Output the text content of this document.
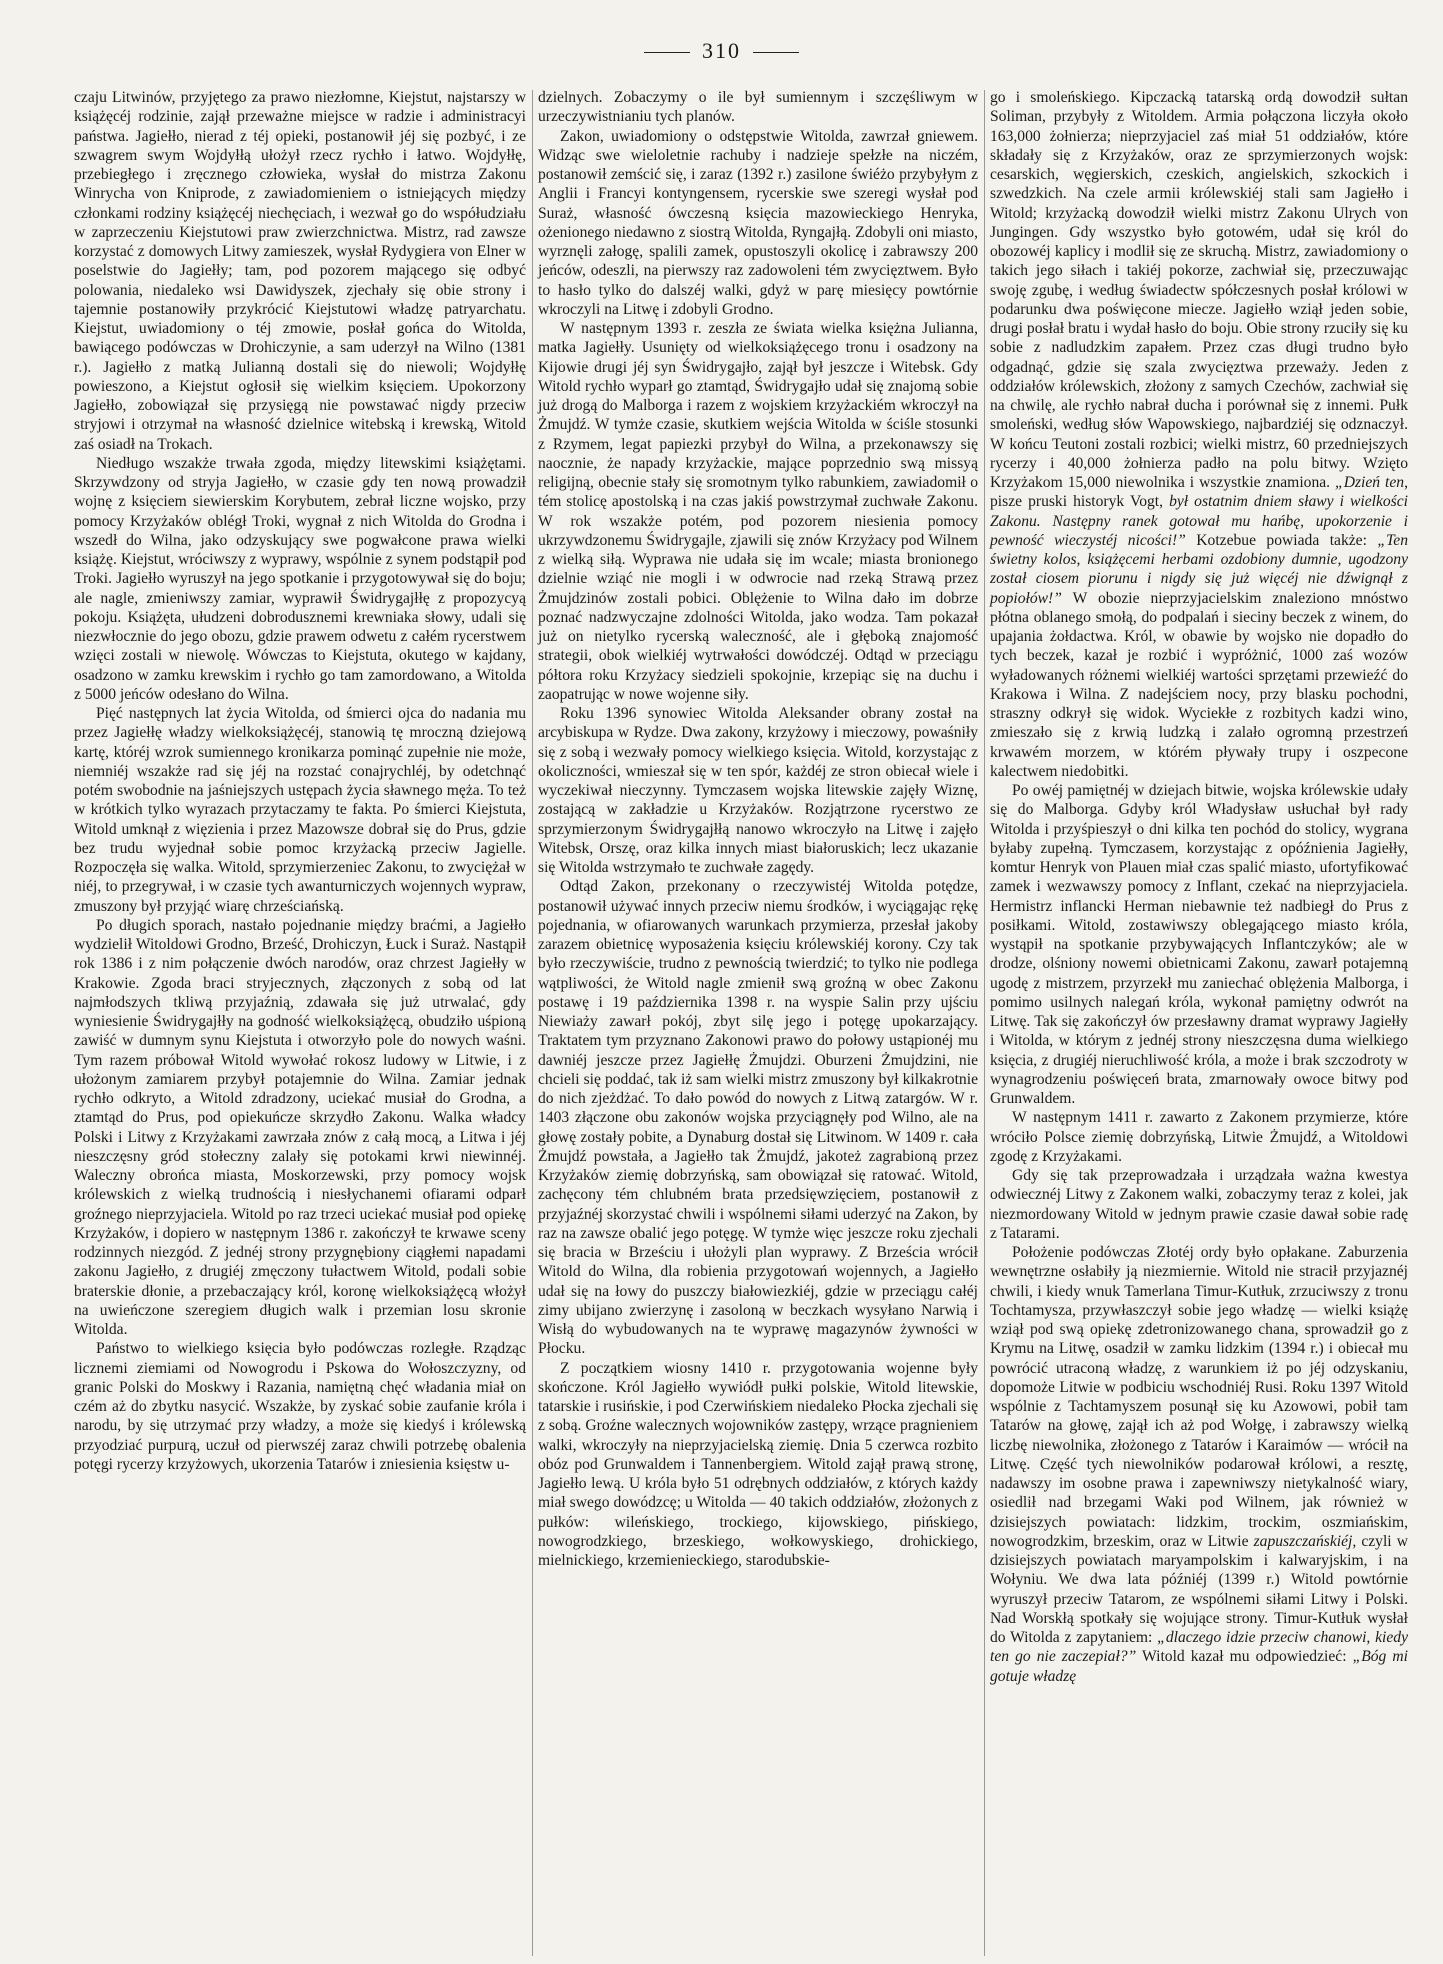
310

czaju Litwinów, przyjętego za prawo niezłomne, Kiejstut, najstarszy w książęcéj rodzinie, zajął przeważne miejsce w radzie i administracyi państwa. Jagiełło, nierad z téj opieki, postanowił jéj się pozbyć, i ze szwagrem swym Wojdyłłą ułożył rzecz rychło i łatwo. Wojdyłłę, przebiegłego i zręcznego człowieka, wysłał do mistrza Zakonu Winrycha von Kniprode, z zawiadomieniem o istniejących między członkami rodziny książęcéj niechęciach, i wezwał go do współudziału w zaprzeczeniu Kiejstutowi praw zwierzchnictwa. Mistrz, rad zawsze korzystać z domowych Litwy zamieszek, wysłał Rydygiera von Elner w poselstwie do Jagiełły; tam, pod pozorem mającego się odbyć polowania, niedaleko wsi Dawidyszek, zjechały się obie strony i tajemnie postanowiły przykrócić Kiejstutowi władzę patryarchatu. Kiejstut, uwiadomiony o téj zmowie, posłał gońca do Witolda, bawiącego podówczas w Drohiczynie, a sam uderzył na Wilno (1381 r.). Jagiełło z matką Julianną dostali się do niewoli; Wojdyłłę powieszono, a Kiejstut ogłosił się wielkim księciem. Upokorzony Jagiełło, zobowiązał się przysięgą nie powstawać nigdy przeciw stryjowi i otrzymał na własność dzielnice witebską i krewską, Witold zaś osiadł na Trokach.

Niedługo wszakże trwała zgoda, między litewskimi książętami. Skrzywdzony od stryja Jagiełło, w czasie gdy ten nową prowadził wojnę z księciem siewierskim Korybutem, zebrał liczne wojsko, przy pomocy Krzyżaków oblégł Troki, wygnał z nich Witolda do Grodna i wszedł do Wilna, jako odzyskujący swe pogwałcone prawa wielki książę. Kiejstut, wróciwszy z wyprawy, wspólnie z synem podstąpił pod Troki. Jagiełło wyruszył na jego spotkanie i przygotowywał się do boju; ale nagle, zmieniwszy zamiar, wyprawił Świdrygajłłę z propozycyą pokoju. Książęta, ułudzeni dobrodusznemi krewniaka słowy, udali się niezwłocznie do jego obozu, gdzie prawem odwetu z całém rycerstwem wzięci zostali w niewolę. Wówczas to Kiejstuta, okutego w kajdany, osadzono w zamku krewskim i rychło go tam zamordowano, a Witolda z 5000 jeńców odesłano do Wilna.

Pięć następnych lat życia Witolda, od śmierci ojca do nadania mu przez Jagiełłę władzy wielkoksiążęcéj, stanowią tę mroczną dziejową kartę, któréj wzrok sumiennego kronikarza pominąć zupełnie nie może, niemniéj wszakże rad się jéj na rozstać conajrychléj, by odetchnąć potém swobodnie na jaśniejszych ustępach życia sławnego męża. To też w krótkich tylko wyrazach przytaczamy te fakta. Po śmierci Kiejstuta, Witold umknął z więzienia i przez Mazowsze dobrał się do Prus, gdzie bez trudu wyjednał sobie pomoc krzyżacką przeciw Jagielle. Rozpoczęła się walka. Witold, sprzymierzeniec Zakonu, to zwyciężał w niéj, to przegrywał, i w czasie tych awanturniczych wojennych wypraw, zmuszony był przyjąć wiarę chrześciańską.

Po długich sporach, nastało pojednanie między braćmi, a Jagiełło wydzielił Witoldowi Grodno, Brześć, Drohiczyn, Łuck i Suraż. Nastąpił rok 1386 i z nim połączenie dwóch narodów, oraz chrzest Jagiełły w Krakowie. Zgoda braci stryjecznych, złączonych z sobą od lat najmłodszych tkliwą przyjaźnią, zdawała się już utrwalać, gdy wyniesienie Świdrygajłły na godność wielkoksiążęcą, obudziło uśpioną zawiść w dumnym synu Kiejstuta i otworzyło pole do nowych waśni. Tym razem próbował Witold wywołać rokosz ludowy w Litwie, i z ułożonym zamiarem przybył potajemnie do Wilna. Zamiar jednak rychło odkryto, a Witold zdradzony, uciekać musiał do Grodna, a ztamtąd do Prus, pod opiekuńcze skrzydło Zakonu. Walka władcy Polski i Litwy z Krzyżakami zawrzała znów z całą mocą, a Litwa i jéj nieszczęsny gród stołeczny zalały się potokami krwi niewinnéj. Waleczny obrońca miasta, Moskorzewski, przy pomocy wojsk królewskich z wielką trudnością i niesłychanemi ofiarami odparł groźnego nieprzyjaciela. Witold po raz trzeci uciekać musiał pod opiekę Krzyżaków, i dopiero w następnym 1386 r. zakończył te krwawe sceny rodzinnych niezgód. Z jednéj strony przygnębiony ciągłemi napadami zakonu Jagiełło, z drugiéj zmęczony tułactwem Witold, podali sobie braterskie dłonie, a przebaczający król, koronę wielkoksiążęcą włożył na uwieńczone szeregiem długich walk i przemian losu skronie Witolda.

Państwo to wielkiego księcia było podówczas rozległe. Rządząc licznemi ziemiami od Nowogrodu i Pskowa do Wołoszczyzny, od granic Polski do Moskwy i Razania, namiętną chęć władania miał on czém aż do zbytku nasycić. Wszakże, by zyskać sobie zaufanie króla i narodu, by się utrzymać przy władzy, a może się kiedyś i królewską przyodziać purpurą, uczuł od pierwszéj zaraz chwili potrzebę obalenia potęgi rycerzy krzyżowych, ukorzenia Tatarów i zniesienia księstw u-

dzielnych. Zobaczymy o ile był sumiennym i szczęśliwym w urzeczywistnianiu tych planów.

Zakon, uwiadomiony o odstępstwie Witolda, zawrzał gniewem. Widząc swe wieloletnie rachuby i nadzieje spełzłe na niczém, postanowił zemścić się, i zaraz (1392 r.) zasilone świéżo przybyłym z Anglii i Francyi kontyngensem, rycerskie swe szeregi wysłał pod Suraż, własność ówczesną księcia mazowieckiego Henryka, ożenionego niedawno z siostrą Witolda, Ryngajłą. Zdobyli oni miasto, wyrznęli załogę, spalili zamek, opustoszyli okolicę i zabrawszy 200 jeńców, odeszli, na pierwszy raz zadowoleni tém zwycięztwem. Było to hasło tylko do dalszéj walki, gdyż w parę miesięcy powtórnie wkroczyli na Litwę i zdobyli Grodno.

W następnym 1393 r. zeszła ze świata wielka księżna Julianna, matka Jagiełły. Usunięty od wielkoksiążęcego tronu i osadzony na Kijowie drugi jéj syn Świdrygajło, zajął był jeszcze i Witebsk. Gdy Witold rychło wyparł go ztamtąd, Świdrygajło udał się znajomą sobie już drogą do Malborga i razem z wojskiem krzyżackiém wkroczył na Żmujdź. W tymże czasie, skutkiem wejścia Witolda w ściśle stosunki z Rzymem, legat papiezki przybył do Wilna, a przekonawszy się naocznie, że napady krzyżackie, mające poprzednio swą missyą religijną, obecnie stały się sromotnym tylko rabunkiem, zawiadomił o tém stolicę apostolską i na czas jakiś powstrzymał zuchwałe Zakonu. W rok wszakże potém, pod pozorem niesienia pomocy ukrzywdzonemu Świdrygajle, zjawili się znów Krzyżacy pod Wilnem z wielką siłą. Wyprawa nie udała się im wcale; miasta bronionego dzielnie wziąć nie mogli i w odwrocie nad rzeką Strawą przez Żmujdzinów zostali pobici. Oblężenie to Wilna dało im dobrze poznać nadzwyczajne zdolności Witolda, jako wodza. Tam pokazał już on nietylko rycerską waleczność, ale i głęboką znajomość strategii, obok wielkiéj wytrwałości dowódczéj. Odtąd w przeciągu półtora roku Krzyżacy siedzieli spokojnie, krzepiąc się na duchu i zaopatrując w nowe wojenne siły.

Roku 1396 synowiec Witolda Aleksander obrany został na arcybiskupa w Rydze. Dwa zakony, krzyżowy i mieczowy, powaśniły się z sobą i wezwały pomocy wielkiego księcia. Witold, korzystając z okoliczności, wmieszał się w ten spór, każdéj ze stron obiecał wiele i wyczekiwał nieczynny. Tymczasem wojska litewskie zajęły Wiznę, zostającą w zakładzie u Krzyżaków. Rozjątrzone rycerstwo ze sprzymierzonym Świdrygajłłą nanowo wkroczyło na Litwę i zajęło Witebsk, Orszę, oraz kilka innych miast białoruskich; lecz ukazanie się Witolda wstrzymało te zuchwałe zagędy.

Odtąd Zakon, przekonany o rzeczywistéj Witolda potędze, postanowił używać innych przeciw niemu środków, i wyciągając rękę pojednania, w ofiarowanych warunkach przymierza, przesłał jakoby zarazem obietnicę wyposażenia księciu królewskiéj korony. Czy tak było rzeczywiście, trudno z pewnością twierdzić; to tylko nie podlega wątpliwości, że Witold nagle zmienił swą groźną w obec Zakonu postawę i 19 października 1398 r. na wyspie Salin przy ujściu Niewiaży zawarł pokój, zbyt silę jego i potęgę upokarzający. Traktatem tym przyznano Zakonowi prawo do połowy ustąpionéj mu dawniéj jeszcze przez Jagiełłę Żmujdzi. Oburzeni Żmujdzini, nie chcieli się poddać, tak iż sam wielki mistrz zmuszony był kilkakrotnie do nich zjeżdżać. To dało powód do nowych z Litwą zatargów. W r. 1403 złączone obu zakonów wojska przyciągnęły pod Wilno, ale na głowę zostały pobite, a Dynaburg dostał się Litwinom. W 1409 r. cała Żmujdź powstała, a Jagiełło tak Żmujdź, jakoteż zagrabioną przez Krzyżaków ziemię dobrzyńską, sam obowiązał się ratować. Witold, zachęcony tém chlubném brata przedsięwzięciem, postanowił z przyjaźnéj skorzystać chwili i wspólnemi siłami uderzyć na Zakon, by raz na zawsze obalić jego potęgę. W tymże więc jeszcze roku zjechali się bracia w Brześciu i ułożyli plan wyprawy. Z Brześcia wrócił Witold do Wilna, dla robienia przygotowań wojennych, a Jagiełło udał się na łowy do puszczy białowiezkiéj, gdzie w przeciągu całéj zimy ubijano zwierzynę i zasoloną w beczkach wysyłano Narwią i Wisłą do wybudowanych na te wyprawę magazynów żywności w Płocku.

Z początkiem wiosny 1410 r. przygotowania wojenne były skończone. Król Jagiełło wywiódł pułki polskie, Witold litewskie, tatarskie i rusińskie, i pod Czerwińskiem niedaleko Płocka zjechali się z sobą. Groźne walecznych wojowników zastępy, wrzące pragnieniem walki, wkroczyły na nieprzyjacielską ziemię. Dnia 5 czerwca rozbito obóz pod Grunwaldem i Tannenbergiem. Witold zajął prawą stronę, Jagiełło lewą. U króla było 51 odrębnych oddziałów, z których każdy miał swego dowódzcę; u Witolda — 40 takich oddziałów, złożonych z pułków: wileńskiego, trockiego, kijowskiego, pińskiego, nowogrodzkiego, brzeskiego, wołkowyskiego, drohickiego, mielnickiego, krzemienieckiego, starodubskie-

go i smoleńskiego. Kipczacką tatarską ordą dowodził sułtan Soliman, przybyły z Witoldem. Armia połączona liczyła około 163,000 żołnierza; nieprzyjaciel zaś miał 51 oddziałów, które składały się z Krzyżaków, oraz ze sprzymierzonych wojsk: cesarskich, węgierskich, czeskich, angielskich, szkockich i szwedzkich. Na czele armii królewskiéj stali sam Jagiełło i Witold; krzyżacką dowodził wielki mistrz Zakonu Ulrych von Jungingen. Gdy wszystko było gotowém, udał się król do obozowéj kaplicy i modlił się ze skruchą. Mistrz, zawiadomiony o takich jego siłach i takiéj pokorze, zachwiał się, przeczuwając swoję zgubę, i według świadectw spółczesnych posłał królowi w podarunku dwa poświęcone miecze. Jagiełło wziął jeden sobie, drugi posłał bratu i wydał hasło do boju. Obie strony rzuciły się ku sobie z nadludzkim zapałem. Przez czas długi trudno było odgadnąć, gdzie się szala zwycięztwa przeważy. Jeden z oddziałów królewskich, złożony z samych Czechów, zachwiał się na chwilę, ale rychło nabrał ducha i porównał się z innemi. Pułk smoleński, według słów Wapowskiego, najbardziéj się odznaczył. W końcu Teutoni zostali rozbici; wielki mistrz, 60 przedniejszych rycerzy i 40,000 żołnierza padło na polu bitwy. Wzięto Krzyżakom 15,000 niewolnika i wszystkie znamiona. „Dzień ten, pisze pruski historyk Vogt, był ostatnim dniem sławy i wielkości Zakonu. Następny ranek gotował mu hańbę, upokorzenie i pewność wieczystéj nicości!” Kotzebue powiada także: „Ten świetny kolos, książęcemi herbami ozdobiony dumnie, ugodzony został ciosem piorunu i nigdy się już więcéj nie dźwignął z popiołów!” W obozie nieprzyjacielskim znaleziono mnóstwo płótna oblanego smołą, do podpalań i sieciny beczek z winem, do upajania żołdactwa. Król, w obawie by wojsko nie dopadło do tych beczek, kazał je rozbić i wypróżnić, 1000 zaś wozów wyładowanych różnemi wielkiéj wartości sprzętami przewieźć do Krakowa i Wilna. Z nadejściem nocy, przy blasku pochodni, straszny odkrył się widok. Wyciekłe z rozbitych kadzi wino, zmieszało się z krwią ludzką i zalało ogromną przestrzeń krwawém morzem, w którém pływały trupy i oszpecone kalectwem niedobitki.

Po owéj pamiętnéj w dziejach bitwie, wojska królewskie udały się do Malborga. Gdyby król Władysław usłuchał był rady Witolda i przyśpieszył o dni kilka ten pochód do stolicy, wygrana byłaby zupełną. Tymczasem, korzystając z opóźnienia Jagiełły, komtur Henryk von Plauen miał czas spalić miasto, ufortyfikować zamek i wezwawszy pomocy z Inflant, czekać na nieprzyjaciela. Hermistrz inflancki Herman niebawnie też nadbiegł do Prus z posiłkami. Witold, zostawiwszy oblegającego miasto króla, wystąpił na spotkanie przybywających Inflantczyków; ale w drodze, olśniony nowemi obietnicami Zakonu, zawarł potajemną ugodę z mistrzem, przyrzekł mu zaniechać oblężenia Malborga, i pomimo usilnych nalegań króla, wykonał pamiętny odwrót na Litwę. Tak się zakończył ów przesławny dramat wyprawy Jagiełły i Witolda, w którym z jednéj strony nieszczęsna duma wielkiego księcia, z drugiéj nieruchliwość króla, a może i brak szczodroty w wynagrodzeniu poświęceń brata, zmarnowały owoce bitwy pod Grunwaldem.

W następnym 1411 r. zawarto z Zakonem przymierze, które wróciło Polsce ziemię dobrzyńską, Litwie Żmujdź, a Witoldowi zgodę z Krzyżakami.

Gdy się tak przeprowadzała i urządzała ważna kwestya odwiecznéj Litwy z Zakonem walki, zobaczymy teraz z kolei, jak niezmordowany Witold w jednym prawie czasie dawał sobie radę z Tatarami.

Położenie podówczas Złotéj ordy było opłakane. Zaburzenia wewnętrzne osłabiły ją niezmiernie. Witold nie stracił przyjaznéj chwili, i kiedy wnuk Tamerlana Timur-Kutłuk, zrzuciwszy z tronu Tochtamysza, przywłaszczył sobie jego władzę — wielki książę wziął pod swą opiekę zdetronizowanego chana, sprowadził go z Krymu na Litwę, osadził w zamku lidzkim (1394 r.) i obiecał mu powrócić utraconą władzę, z warunkiem iż po jéj odzyskaniu, dopomoże Litwie w podbiciu wschodniéj Rusi. Roku 1397 Witold wspólnie z Tachtamyszem posunął się ku Azowowi, pobił tam Tatarów na głowę, zajął ich aż pod Wołgę, i zabrawszy wielką liczbę niewolnika, złożonego z Tatarów i Karaimów — wrócił na Litwę. Część tych niewolników podarował królowi, a resztę, nadawszy im osobne prawa i zapewniwszy nietykalność wiary, osiedlił nad brzegami Waki pod Wilnem, jak również w dzisiejszych powiatach: lidzkim, trockim, oszmiańskim, nowogrodzkim, brzeskim, oraz w Litwie zapuszczańskiéj, czyli w dzisiejszych powiatach maryampolskim i kalwaryjskim, i na Wołyniu. We dwa lata późniéj (1399 r.) Witold powtórnie wyruszył przeciw Tatarom, ze wspólnemi siłami Litwy i Polski. Nad Worskłą spotkały się wojujące strony. Timur-Kutłuk wysłał do Witolda z zapytaniem: „dlaczego idzie przeciw chanowi, kiedy ten go nie zaczepiał?” Witold kazał mu odpowiedzieć: „Bóg mi gotuje władzę
